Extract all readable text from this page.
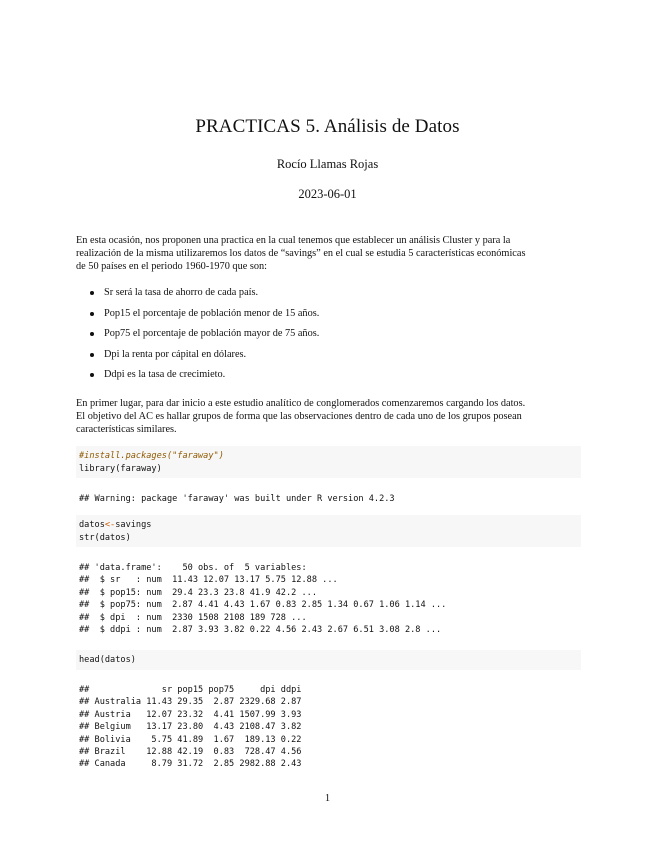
PRACTICAS 5. Análisis de Datos
Rocío Llamas Rojas
2023-06-01
En esta ocasión, nos proponen una practica en la cual tenemos que establecer un análisis Cluster y para la
realización de la misma utilizaremos los datos de “savings” en el cual se estudia 5 características económicas
de 50 países en el periodo 1960-1970 que son:
Sr será la tasa de ahorro de cada país.
Pop15 el porcentaje de población menor de 15 años.
Pop75 el porcentaje de población mayor de 75 años.
Dpi la renta por cápital en dólares.
Ddpi es la tasa de crecimieto.
En primer lugar, para dar inicio a este estudio analítico de conglomerados comenzaremos cargando los datos.
El objetivo del AC es hallar grupos de forma que las observaciones dentro de cada uno de los grupos posean
características similares.
#install.packages("faraway")
library(faraway)
## Warning: package 'faraway' was built under R version 4.2.3
datos<-savings
str(datos)
## 'data.frame':    50 obs. of  5 variables:
##  $ sr   : num  11.43 12.07 13.17 5.75 12.88 ...
##  $ pop15: num  29.4 23.3 23.8 41.9 42.2 ...
##  $ pop75: num  2.87 4.41 4.43 1.67 0.83 2.85 1.34 0.67 1.06 1.14 ...
##  $ dpi  : num  2330 1508 2108 189 728 ...
##  $ ddpi : num  2.87 3.93 3.82 0.22 4.56 2.43 2.67 6.51 3.08 2.8 ...
head(datos)
##              sr pop15 pop75     dpi ddpi
## Australia 11.43 29.35  2.87 2329.68 2.87
## Austria   12.07 23.32  4.41 1507.99 3.93
## Belgium   13.17 23.80  4.43 2108.47 3.82
## Bolivia    5.75 41.89  1.67  189.13 0.22
## Brazil    12.88 42.19  0.83  728.47 4.56
## Canada     8.79 31.72  2.85 2982.88 2.43
1
